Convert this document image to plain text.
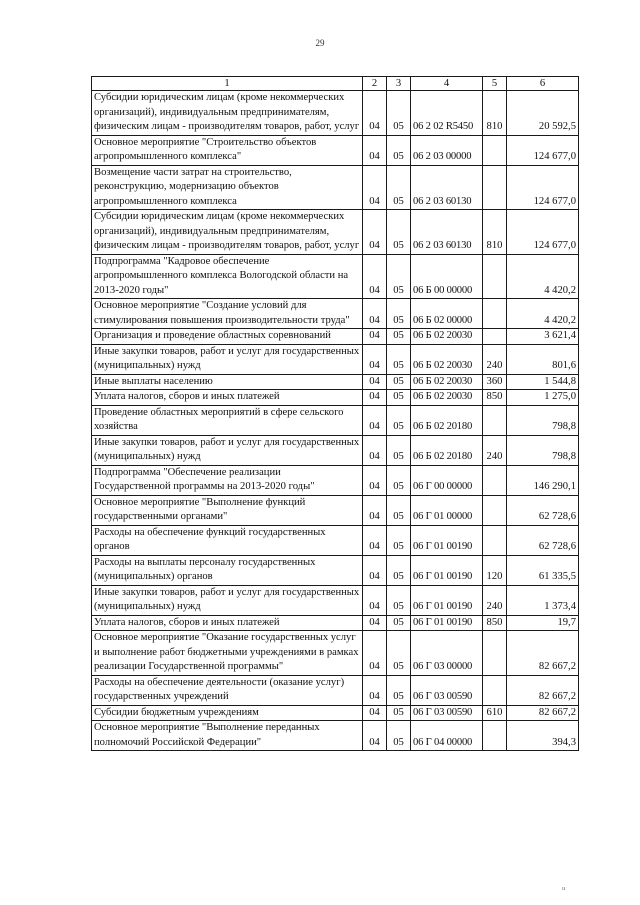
29
1	2	3	4	5	6
Субсидии юридическим лицам (кроме некоммерческих организаций), индивидуальным предпринимателям, физическим лицам - производителям товаров, работ, услуг	04	05	06 2 02 R5450	810	20 592,5
Основное мероприятие "Строительство объектов агропромышленного комплекса"	04	05	06 2 03 00000		124 677,0
Возмещение части затрат на строительство, реконструкцию, модернизацию объектов агропромышленного комплекса	04	05	06 2 03 60130		124 677,0
Субсидии юридическим лицам (кроме некоммерческих организаций), индивидуальным предпринимателям, физическим лицам - производителям товаров, работ, услуг	04	05	06 2 03 60130	810	124 677,0
Подпрограмма "Кадровое обеспечение агропромышленного комплекса Вологодской области на 2013-2020 годы"	04	05	06 Б 00 00000		4 420,2
Основное мероприятие "Создание условий для стимулирования повышения производительности труда"	04	05	06 Б 02 00000		4 420,2
Организация и проведение областных соревнований	04	05	06 Б 02 20030		3 621,4
Иные закупки товаров, работ и услуг для государственных (муниципальных) нужд	04	05	06 Б 02 20030	240	801,6
Иные выплаты населению	04	05	06 Б 02 20030	360	1 544,8
Уплата налогов, сборов и иных платежей	04	05	06 Б 02 20030	850	1 275,0
Проведение областных мероприятий в сфере сельского хозяйства	04	05	06 Б 02 20180		798,8
Иные закупки товаров, работ и услуг для государственных (муниципальных) нужд	04	05	06 Б 02 20180	240	798,8
Подпрограмма "Обеспечение реализации Государственной программы на 2013-2020 годы"	04	05	06 Г 00 00000		146 290,1
Основное мероприятие "Выполнение функций государственными органами"	04	05	06 Г 01 00000		62 728,6
Расходы на обеспечение функций государственных органов	04	05	06 Г 01 00190		62 728,6
Расходы на выплаты персоналу государственных (муниципальных) органов	04	05	06 Г 01 00190	120	61 335,5
Иные закупки товаров, работ и услуг для государственных (муниципальных) нужд	04	05	06 Г 01 00190	240	1 373,4
Уплата налогов, сборов и иных платежей	04	05	06 Г 01 00190	850	19,7
Основное мероприятие "Оказание государственных услуг и выполнение работ бюджетными учреждениями в рамках реализации Государственной программы"	04	05	06 Г 03 00000		82 667,2
Расходы на обеспечение деятельности (оказание услуг) государственных учреждений	04	05	06 Г 03 00590		82 667,2
Субсидии бюджетным учреждениям	04	05	06 Г 03 00590	610	82 667,2
Основное мероприятие "Выполнение переданных полномочий Российской Федерации"	04	05	06 Г 04 00000		394,3
ıı
